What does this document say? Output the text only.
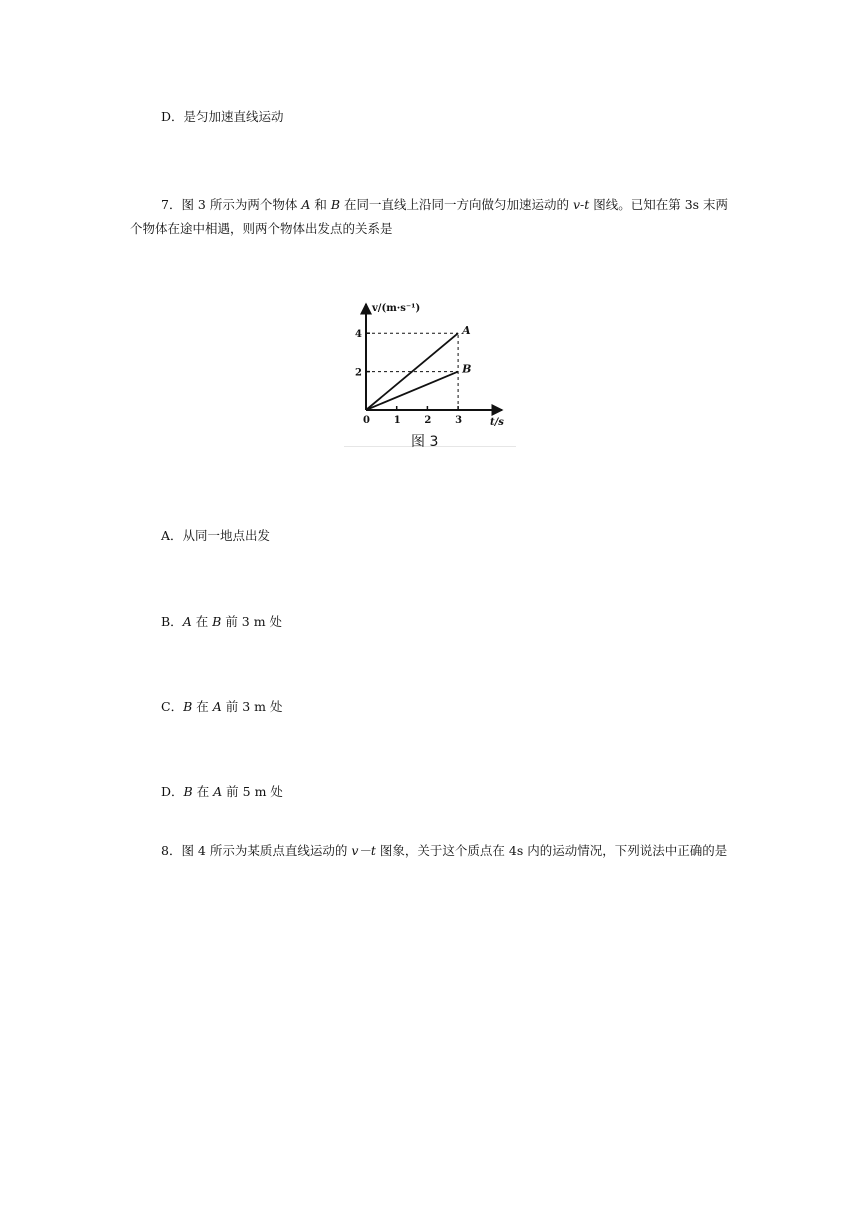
D．是匀加速直线运动
7．图 3 所示为两个物体 A 和 B 在同一直线上沿同一方向做匀加速运动的 v-t 图线。已知在第 3s 末两
个物体在途中相遇，则两个物体出发点的关系是
v/(m·s⁻¹)
t/s
0 1 2 3
2
4	A
B
图 3
A．从同一地点出发
B．A 在 B 前 3 m 处
C．B 在 A 前 3 m 处
D．B 在 A 前 5 m 处
8．图 4 所示为某质点直线运动的 v－t 图象，关于这个质点在 4s 内的运动情况，下列说法中正确的是
